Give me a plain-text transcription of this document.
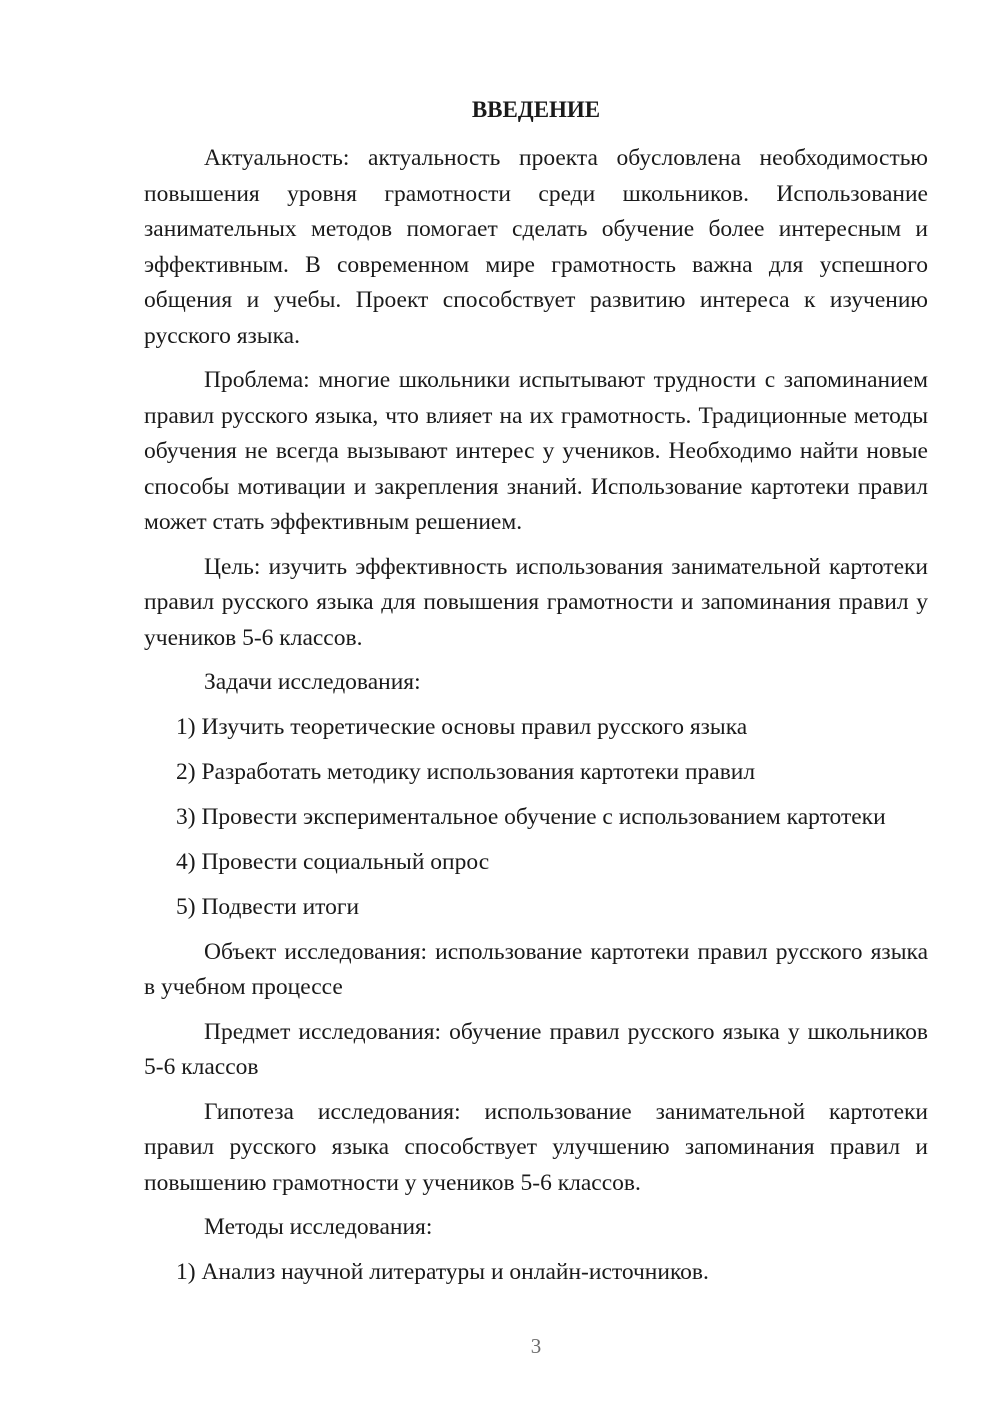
ВВЕДЕНИЕ

Актуальность: актуальность проекта обусловлена необходимостью повышения уровня грамотности среди школьников. Использование занимательных методов помогает сделать обучение более интересным и эффективным. В современном мире грамотность важна для успешного общения и учебы. Проект способствует развитию интереса к изучению русского языка.

Проблема: многие школьники испытывают трудности с запоминанием правил русского языка, что влияет на их грамотность. Традиционные методы обучения не всегда вызывают интерес у учеников. Необходимо найти новые способы мотивации и закрепления знаний. Использование картотеки правил может стать эффективным решением.

Цель: изучить эффективность использования занимательной картотеки правил русского языка для повышения грамотности и запоминания правил у учеников 5-6 классов.

Задачи исследования:

1) Изучить теоретические основы правил русского языка
2) Разработать методику использования картотеки правил
3) Провести экспериментальное обучение с использованием картотеки
4) Провести социальный опрос
5) Подвести итоги

Объект исследования: использование картотеки правил русского языка в учебном процессе

Предмет исследования: обучение правил русского языка у школьников 5-6 классов

Гипотеза исследования: использование занимательной картотеки правил русского языка способствует улучшению запоминания правил и повышению грамотности у учеников 5-6 классов.

Методы исследования:

1) Анализ научной литературы и онлайн-источников.
3
